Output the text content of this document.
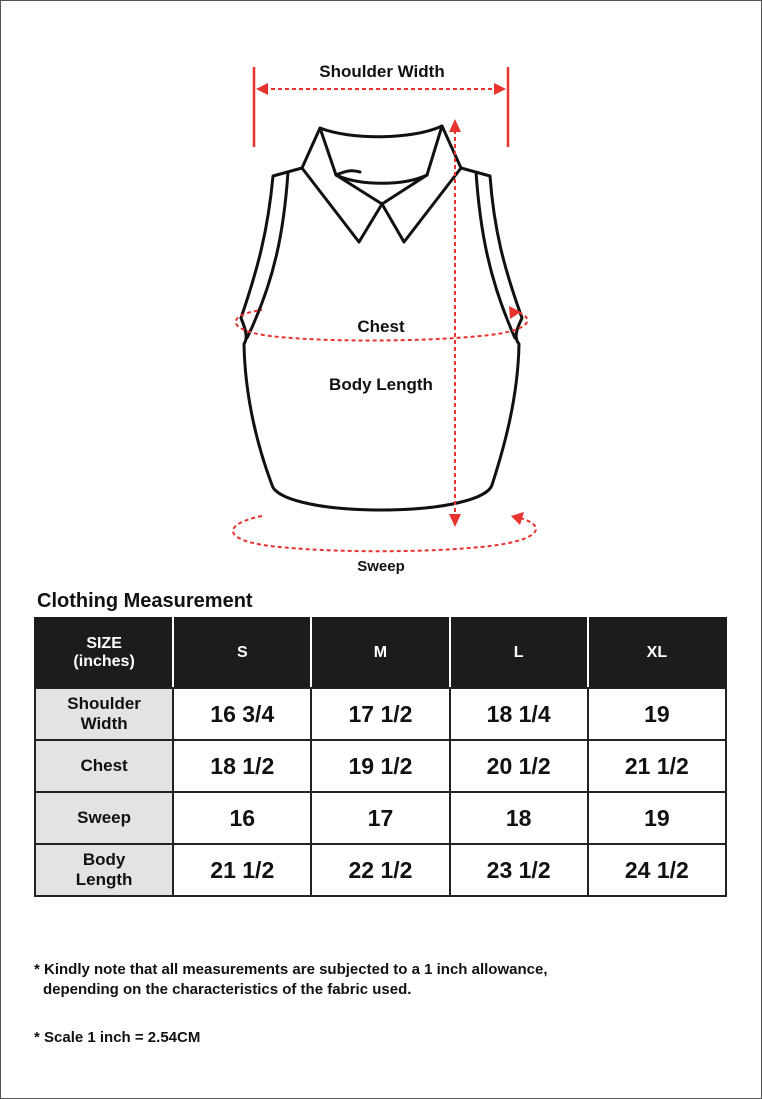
Shoulder Width
Chest
Body Length
Sweep
Clothing Measurement
SIZE
(inches)	S	M	L	XL
Shoulder
Width	16 3/4	17 1/2	18 1/4	19
Chest	18 1/2	19 1/2	20 1/2	21 1/2
Sweep	16	17	18	19
Body
Length	21 1/2	22 1/2	23 1/2	24 1/2
* Kindly note that all measurements are subjected to a 1 inch allowance,
depending on the characteristics of the fabric used.
* Scale 1 inch = 2.54CM
